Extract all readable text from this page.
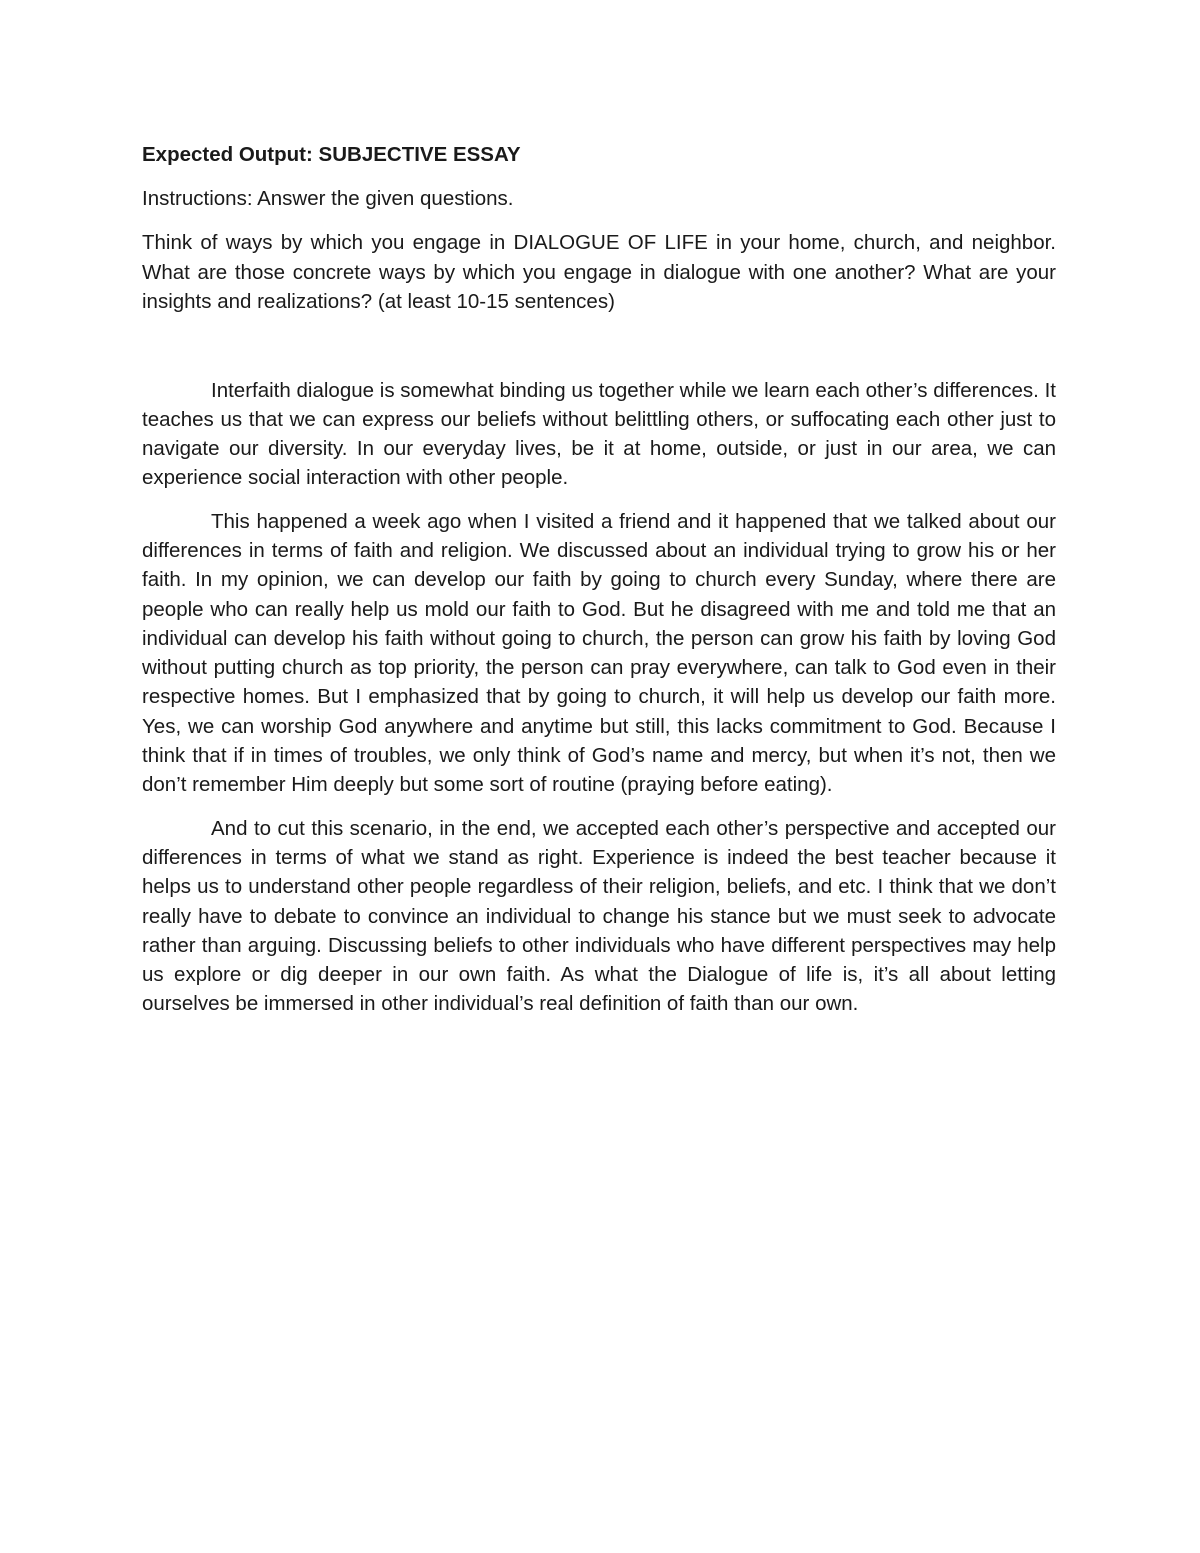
Expected Output: SUBJECTIVE ESSAY
Instructions: Answer the given questions.

Think of ways by which you engage in DIALOGUE OF LIFE in your home, church, and neighbor. What are those concrete ways by which you engage in dialogue with one another? What are your insights and realizations? (at least 10-15 sentences)

Interfaith dialogue is somewhat binding us together while we learn each other’s differences. It teaches us that we can express our beliefs without belittling others, or suffocating each other just to navigate our diversity. In our everyday lives, be it at home, outside, or just in our area, we can experience social interaction with other people.

This happened a week ago when I visited a friend and it happened that we talked about our differences in terms of faith and religion. We discussed about an individual trying to grow his or her faith. In my opinion, we can develop our faith by going to church every Sunday, where there are people who can really help us mold our faith to God. But he disagreed with me and told me that an individual can develop his faith without going to church, the person can grow his faith by loving God without putting church as top priority, the person can pray everywhere, can talk to God even in their respective homes. But I emphasized that by going to church, it will help us develop our faith more. Yes, we can worship God anywhere and anytime but still, this lacks commitment to God. Because I think that if in times of troubles, we only think of God’s name and mercy, but when it’s not, then we don’t remember Him deeply but some sort of routine (praying before eating).

And to cut this scenario, in the end, we accepted each other’s perspective and accepted our differences in terms of what we stand as right. Experience is indeed the best teacher because it helps us to understand other people regardless of their religion, beliefs, and etc. I think that we don’t really have to debate to convince an individual to change his stance but we must seek to advocate rather than arguing. Discussing beliefs to other individuals who have different perspectives may help us explore or dig deeper in our own faith. As what the Dialogue of life is, it’s all about letting ourselves be immersed in other individual’s real definition of faith than our own.
